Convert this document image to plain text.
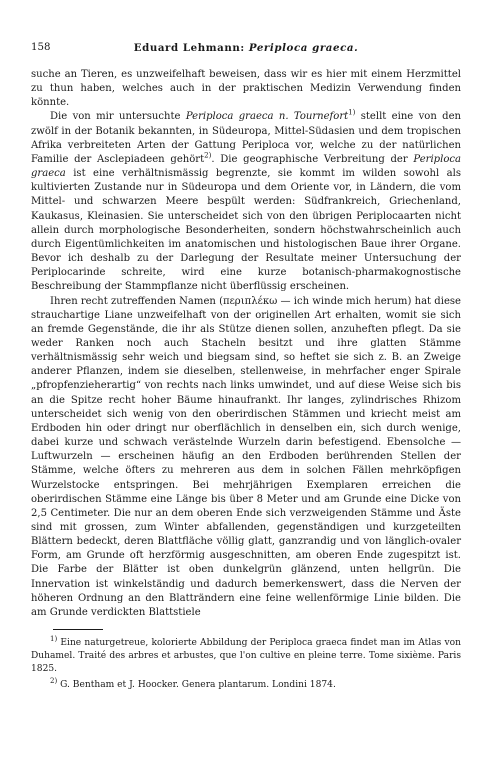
158	Eduard Lehmann: Periploca graeca.

suche an Tieren, es unzweifelhaft beweisen, dass wir es hier mit einem Herzmittel zu thun haben, welches auch in der praktischen Medizin Verwendung finden könnte.

Die von mir untersuchte Periploca graeca n. Tournefort$^{1)}$ stellt eine von den zwölf in der Botanik bekannten, in Südeuropa, Mittel-Südasien und dem tropischen Afrika verbreiteten Arten der Gattung Periploca vor, welche zu der natürlichen Familie der Asclepiadeen gehört$^{2)}$. Die geographische Verbreitung der Periploca graeca ist eine verhältnismässig begrenzte, sie kommt im wilden sowohl als kultivierten Zustande nur in Südeuropa und dem Oriente vor, in Ländern, die vom Mittel- und schwarzen Meere bespült werden: Südfrankreich, Griechenland, Kaukasus, Kleinasien. Sie unterscheidet sich von den übrigen Periplocaarten nicht allein durch morphologische Besonderheiten, sondern höchstwahrscheinlich auch durch Eigentümlichkeiten im anatomischen und histologischen Baue ihrer Organe. Bevor ich deshalb zu der Darlegung der Resultate meiner Untersuchung der Periplocarinde schreite, wird eine kurze botanisch-pharmakognostische Beschreibung der Stammpflanze nicht überflüssig erscheinen.

Ihren recht zutreffenden Namen (περιπλέκω — ich winde mich herum) hat diese strauchartige Liane unzweifelhaft von der originellen Art erhalten, womit sie sich an fremde Gegenstände, die ihr als Stütze dienen sollen, anzuheften pflegt. Da sie weder Ranken noch auch Stacheln besitzt und ihre glatten Stämme verhältnismässig sehr weich und biegsam sind, so heftet sie sich z. B. an Zweige anderer Pflanzen, indem sie dieselben, stellenweise, in mehrfacher enger Spirale „pfropfenzieherartig“ von rechts nach links umwindet, und auf diese Weise sich bis an die Spitze recht hoher Bäume hinaufrankt. Ihr langes, zylindrisches Rhizom unterscheidet sich wenig von den oberirdischen Stämmen und kriecht meist am Erdboden hin oder dringt nur oberflächlich in denselben ein, sich durch wenige, dabei kurze und schwach verästelnde Wurzeln darin befestigend. Ebensolche — Luftwurzeln — erscheinen häufig an den Erdboden berührenden Stellen der Stämme, welche öfters zu mehreren aus dem in solchen Fällen mehrköpfigen Wurzelstocke entspringen. Bei mehrjährigen Exemplaren erreichen die oberirdischen Stämme eine Länge bis über 8 Meter und am Grunde eine Dicke von 2,5 Centimeter. Die nur an dem oberen Ende sich verzweigenden Stämme und Äste sind mit grossen, zum Winter abfallenden, gegenständigen und kurzgeteilten Blättern bedeckt, deren Blattfläche völlig glatt, ganzrandig und von länglich-ovaler Form, am Grunde oft herzförmig ausgeschnitten, am oberen Ende zugespitzt ist. Die Farbe der Blätter ist oben dunkelgrün glänzend, unten hellgrün. Die Innervation ist winkelständig und dadurch bemerkenswert, dass die Nerven der höheren Ordnung an den Blatträndern eine feine wellenförmige Linie bilden. Die am Grunde verdickten Blattstiele

$^{1)}$ Eine naturgetreue, kolorierte Abbildung der Periploca graeca findet man im Atlas von Duhamel. Traité des arbres et arbustes, que l'on cultive en pleine terre. Tome sixième. Paris 1825.

$^{2)}$ G. Bentham et J. Hoocker. Genera plantarum. Londini 1874.
